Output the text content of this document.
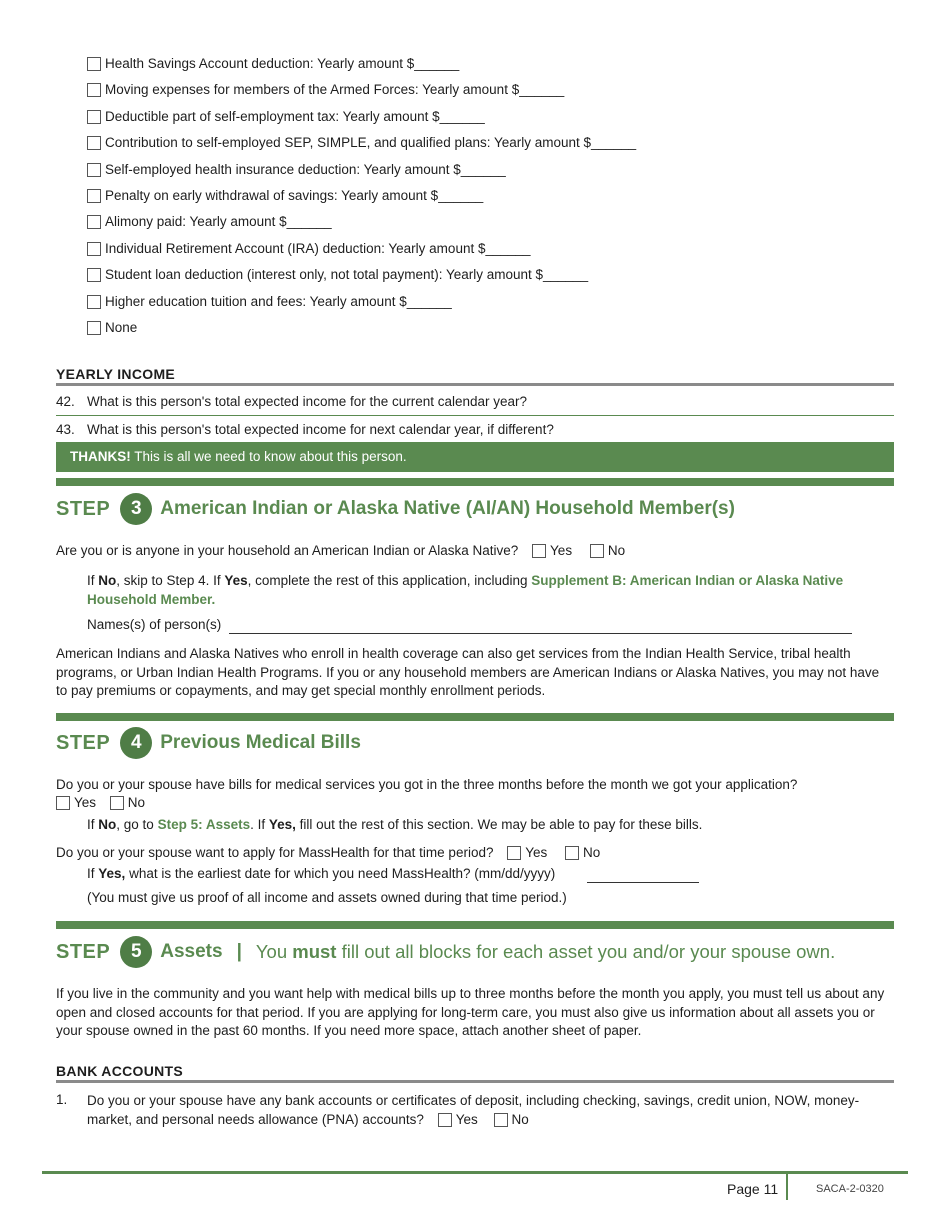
Health Savings Account deduction: Yearly amount $______
Moving expenses for members of the Armed Forces: Yearly amount $______
Deductible part of self-employment tax: Yearly amount $______
Contribution to self-employed SEP, SIMPLE, and qualified plans: Yearly amount $______
Self-employed health insurance deduction: Yearly amount $______
Penalty on early withdrawal of savings: Yearly amount $______
Alimony paid: Yearly amount $______
Individual Retirement Account (IRA) deduction: Yearly amount $______
Student loan deduction (interest only, not total payment): Yearly amount $______
Higher education tuition and fees: Yearly amount $______
None
YEARLY INCOME
42. What is this person's total expected income for the current calendar year?
43. What is this person's total expected income for next calendar year, if different?
THANKS! This is all we need to know about this person.
STEP	3 American Indian or Alaska Native (AI/AN) Household Member(s)
Are you or is anyone in your household an American Indian or Alaska Native? Yes	No
If No, skip to Step 4. If Yes, complete the rest of this application, including Supplement B: American Indian or Alaska Native Household Member.
Names(s) of person(s)
American Indians and Alaska Natives who enroll in health coverage can also get services from the Indian Health Service, tribal health programs, or Urban Indian Health Programs. If you or any household members are American Indians or Alaska Natives, you may not have to pay premiums or copayments, and may get special monthly enrollment periods.
STEP	4 Previous Medical Bills
Do you or your spouse have bills for medical services you got in the three months before the month we got your application?
Yes No
If No, go to Step 5: Assets. If Yes, fill out the rest of this section. We may be able to pay for these bills.
Do you or your spouse want to apply for MassHealth for that time period? Yes	No
If Yes, what is the earliest date for which you need MassHealth? (mm/dd/yyyy)
(You must give us proof of all income and assets owned during that time period.)
STEP	5 Assets | You must fill out all blocks for each asset you and/or your spouse own.
If you live in the community and you want help with medical bills up to three months before the month you apply, you must tell us about any open and closed accounts for that period. If you are applying for long-term care, you must also give us information about all assets you or your spouse owned in the past 60 months. If you need more space, attach another sheet of paper.
BANK ACCOUNTS
1. Do you or your spouse have any bank accounts or certificates of deposit, including checking, savings, credit union, NOW, money-market, and personal needs allowance (PNA) accounts? Yes	No
Page 11	SACA-2-0320
